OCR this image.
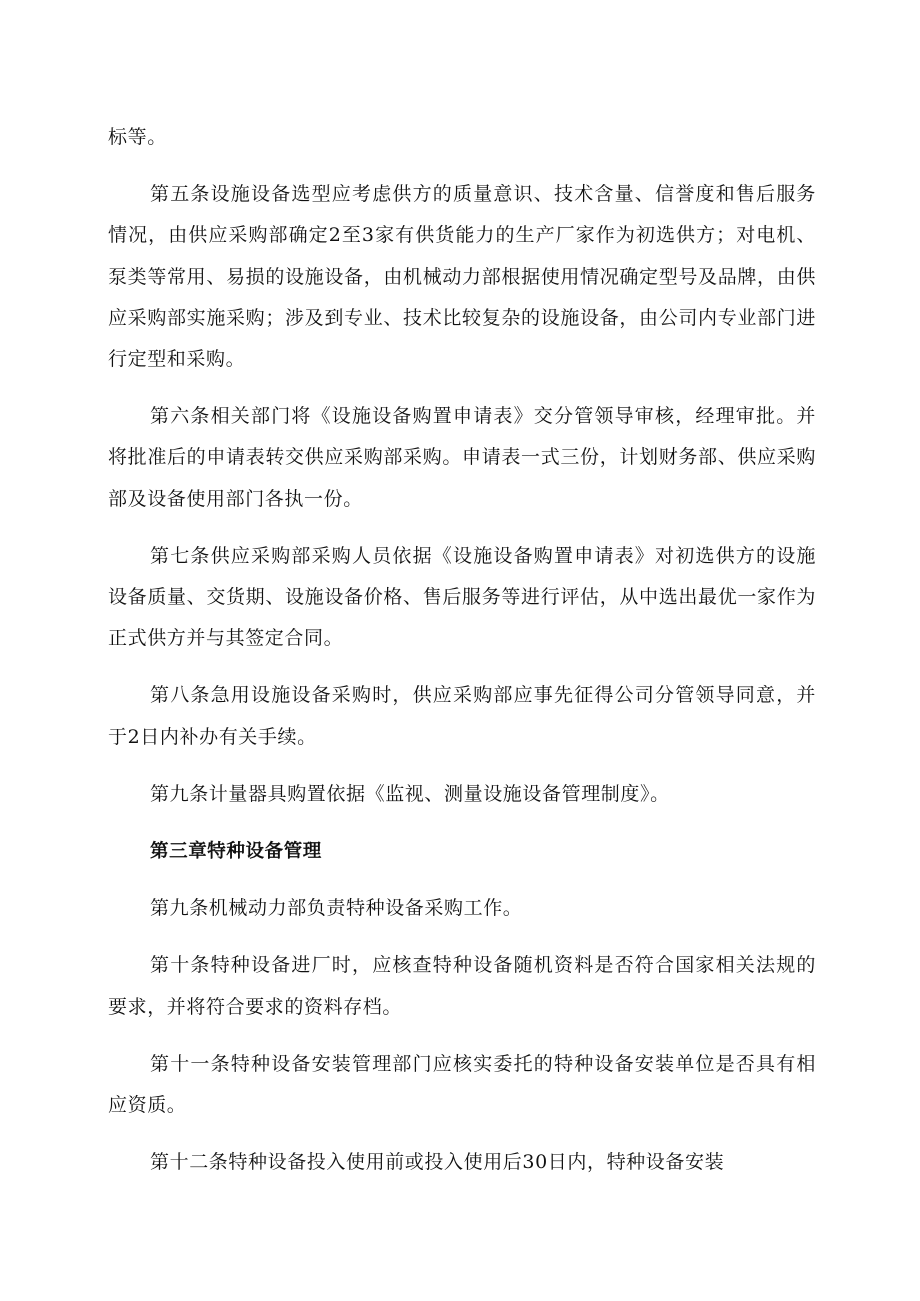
标等。

第五条设施设备选型应考虑供方的质量意识、技术含量、信誉度和售后服务情况，由供应采购部确定2至3家有供货能力的生产厂家作为初选供方；对电机、泵类等常用、易损的设施设备，由机械动力部根据使用情况确定型号及品牌，由供应采购部实施采购；涉及到专业、技术比较复杂的设施设备，由公司内专业部门进行定型和采购。

第六条相关部门将《设施设备购置申请表》交分管领导审核，经理审批。并将批准后的申请表转交供应采购部采购。申请表一式三份，计划财务部、供应采购部及设备使用部门各执一份。

第七条供应采购部采购人员依据《设施设备购置申请表》对初选供方的设施设备质量、交货期、设施设备价格、售后服务等进行评估，从中选出最优一家作为正式供方并与其签定合同。

第八条急用设施设备采购时，供应采购部应事先征得公司分管领导同意，并于2日内补办有关手续。

第九条计量器具购置依据《监视、测量设施设备管理制度》。

第三章特种设备管理

第九条机械动力部负责特种设备采购工作。

第十条特种设备进厂时，应核查特种设备随机资料是否符合国家相关法规的要求，并将符合要求的资料存档。

第十一条特种设备安装管理部门应核实委托的特种设备安装单位是否具有相应资质。

第十二条特种设备投入使用前或投入使用后30日内，特种设备安装
